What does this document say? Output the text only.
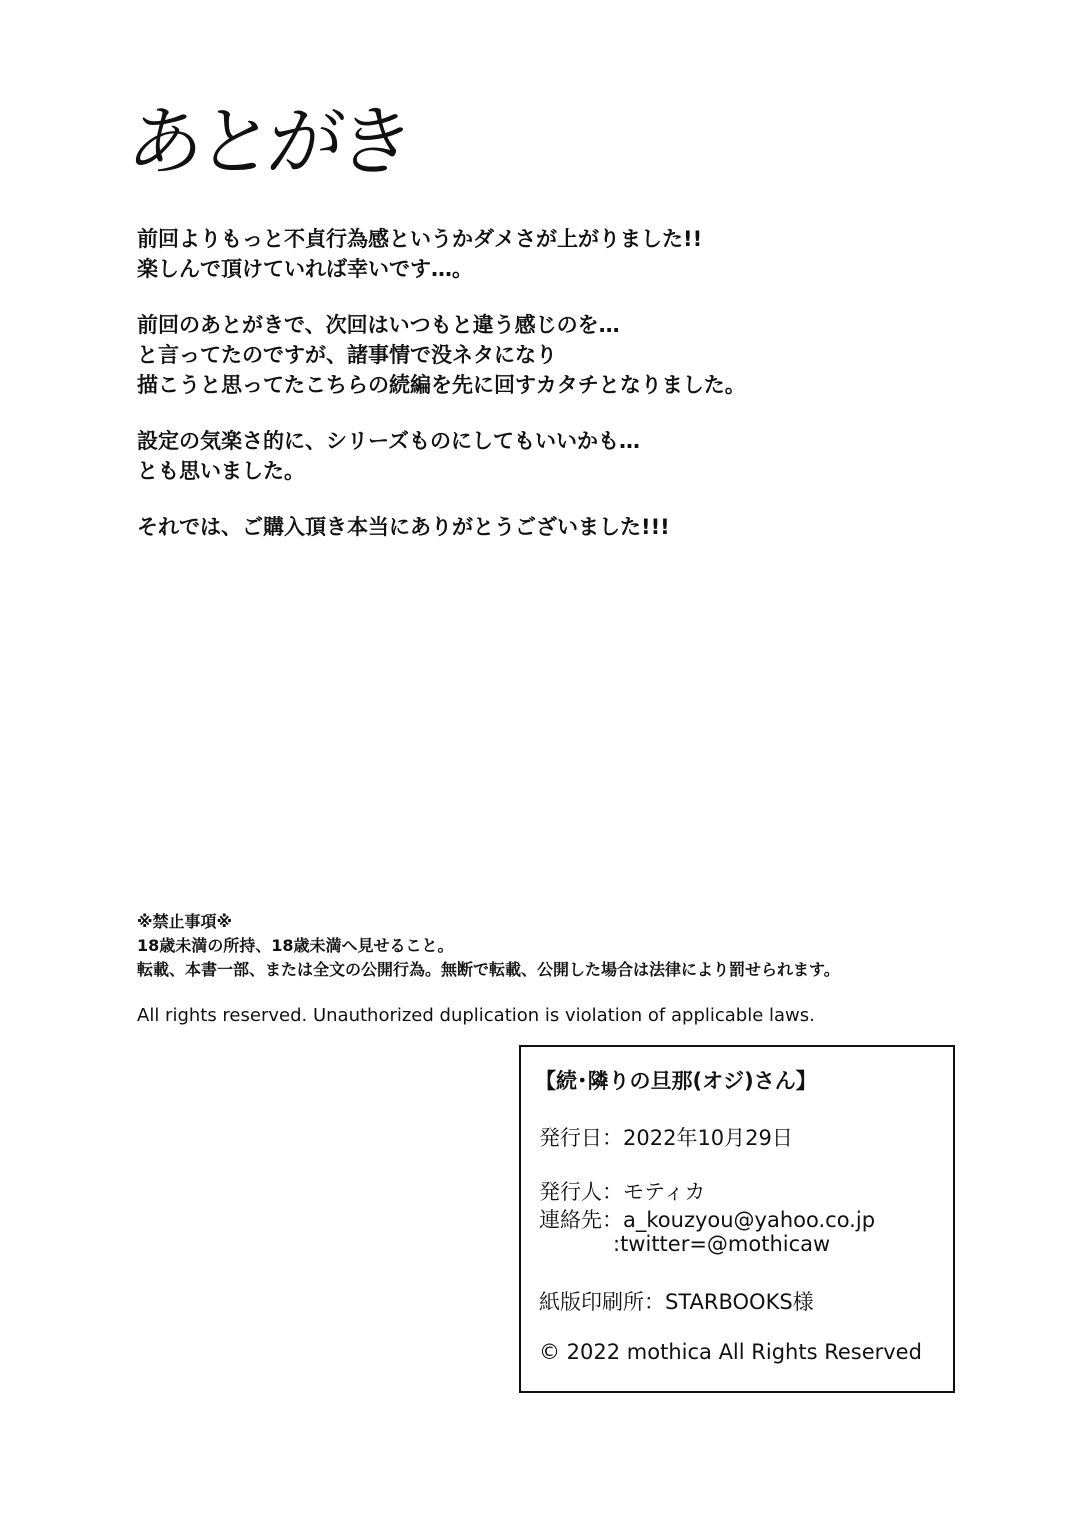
あとがき
前回よりもっと不貞行為感というかダメさが上がりました!!
楽しんで頂けていれば幸いです…。
前回のあとがきで、次回はいつもと違う感じのを…
と言ってたのですが、諸事情で没ネタになり
描こうと思ってたこちらの続編を先に回すカタチとなりました。
設定の気楽さ的に、シリーズものにしてもいいかも…
とも思いました。
それでは、ご購入頂き本当にありがとうございました!!!
※禁止事項※
18歳未満の所持、18歳未満へ見せること。
転載、本書一部、または全文の公開行為。無断で転載、公開した場合は法律により罰せられます。
All rights reserved. Unauthorized duplication is violation of applicable laws.
【続･隣りの旦那(オジ)さん】
発行日：2022年10月29日
発行人：モティカ
連絡先：a_kouzyou@yahoo.co.jp
:twitter=@mothicaw
紙版印刷所：STARBOOKS様
© 2022 mothica All Rights Reserved
